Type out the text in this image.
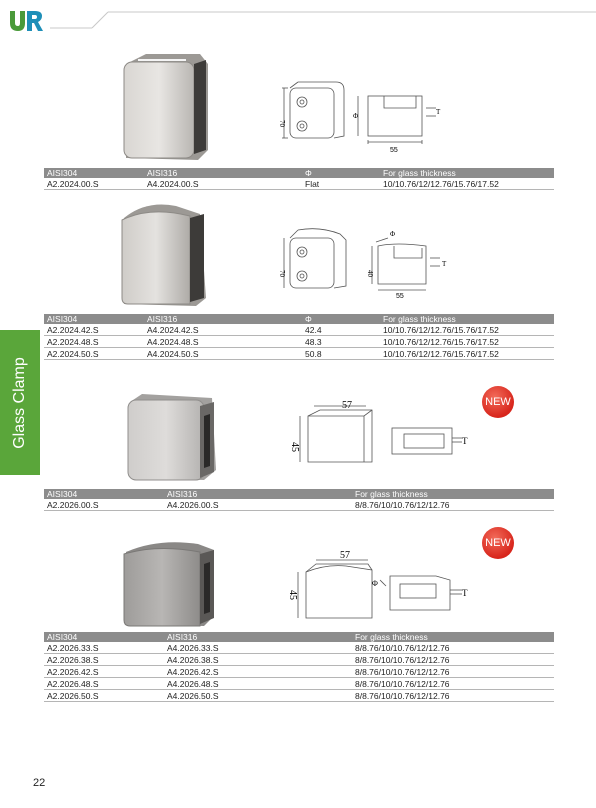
Glass Clamp
70
Φ
55
T
AISI304	AISI316	Φ	For glass thickness
A2.2024.00.S	A4.2024.00.S	Flat	10/10.76/12/12.76/15.76/17.52
Φ
70	40
T
55
AISI304	AISI316	Φ	For glass thickness
A2.2024.42.S	A4.2024.42.S	42.4	10/10.76/12/12.76/15.76/17.52
A2.2024.48.S	A4.2024.48.S	48.3	10/10.76/12/12.76/15.76/17.52
A2.2024.50.S	A4.2024.50.S	50.8	10/10.76/12/12.76/15.76/17.52
57
45
T
NEW
AISI304	AISI316	For glass thickness
A2.2026.00.S	A4.2026.00.S	8/8.76/10/10.76/12/12.76
57
45
Φ
T
NEW
AISI304	AISI316	For glass thickness
A2.2026.33.S	A4.2026.33.S	8/8.76/10/10.76/12/12.76
A2.2026.38.S	A4.2026.38.S	8/8.76/10/10.76/12/12.76
A2.2026.42.S	A4.2026.42.S	8/8.76/10/10.76/12/12.76
A2.2026.48.S	A4.2026.48.S	8/8.76/10/10.76/12/12.76
A2.2026.50.S	A4.2026.50.S	8/8.76/10/10.76/12/12.76
22
